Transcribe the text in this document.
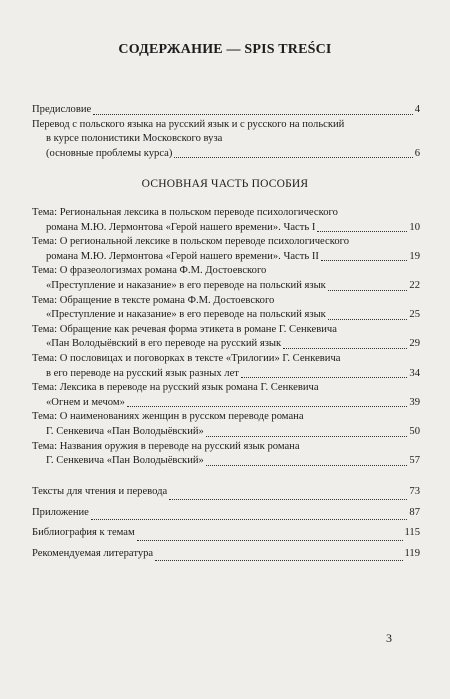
СОДЕРЖАНИЕ — SPIS TREŚCI
Предисловие	4
Перевод с польского языка на русский язык и с русского на польский
в курсе полонистики Московского вуза
(основные проблемы курса)	6
ОСНОВНАЯ ЧАСТЬ ПОСОБИЯ
Тема: Региональная лексика в польском переводе психологического
романа М.Ю. Лермонтова «Герой нашего времени». Часть I	10
Тема: О региональной лексике в польском переводе психологического
романа М.Ю. Лермонтова «Герой нашего времени». Часть II	19
Тема: О фразеологизмах романа Ф.М. Достоевского
«Преступление и наказание» в его переводе на польский язык	22
Тема: Обращение в тексте романа Ф.М. Достоевского
«Преступление и наказание» в его переводе на польский язык	25
Тема: Обращение как речевая форма этикета в романе Г. Сенкевича
«Пан Володыёвский в его переводе на русский язык	29
Тема: О пословицах и поговорках в тексте «Трилогии» Г. Сенкевича
в его переводе на русский язык разных лет	34
Тема: Лексика в переводе на русский язык романа Г. Сенкевича
«Огнем и мечом»	39
Тема: О наименованиях женщин в русском переводе романа
Г. Сенкевича «Пан Володыёвский»	50
Тема: Названия оружия в переводе на русский язык романа
Г. Сенкевича «Пан Володыёвский»	57
Тексты для чтения и перевода	73
Приложение	87
Библиография к темам	115
Рекомендуемая литература	119
3
